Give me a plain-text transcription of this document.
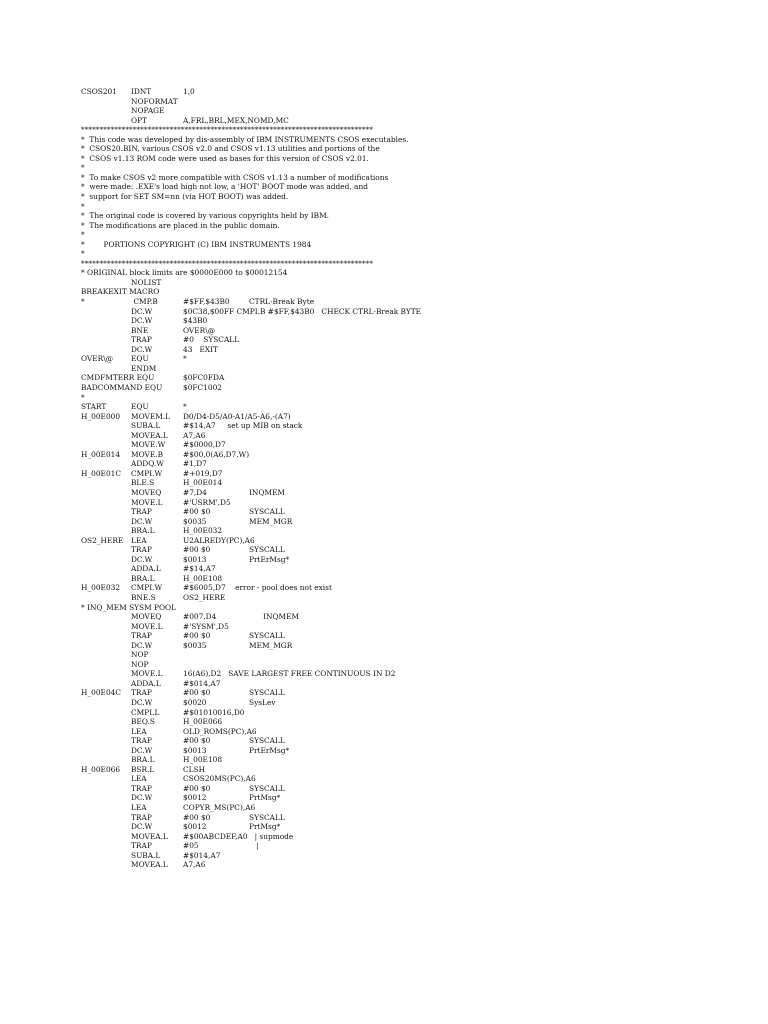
CSOS201 IDNT	1,0
NOFORMAT
NOPAGE
OPT	A,FRL,BRL,MEX,NOMD,MC
*******************************************************************************
*  This code was developed by dis-assembly of IBM INSTRUMENTS CSOS executables.
*  CSOS20.BIN, various CSOS v2.0 and CSOS v1.13 utilities and portions of the
*  CSOS v1.13 ROM code were used as bases for this version of CSOS v2.01.
*
*  To make CSOS v2 more compatible with CSOS v1.13 a number of modifications
*  were made: .EXE's load high not low, a 'HOT' BOOT mode was added, and
*  support for SET SM=nn (via HOT BOOT) was added.
*
*  The original code is covered by various copyrights held by IBM.
*  The modifications are placed in the public domain.
*
*        PORTIONS COPYRIGHT (C) IBM INSTRUMENTS 1984
*
*******************************************************************************
* ORIGINAL block limits are $0000E000 to $00012154
NOLIST
BREAKEXIT MACRO
*	CMP.B	#$FF,$43B0	CTRL-Break Byte
DC.W	$0C38,$00FF CMPI.B #$FF,$43B0   CHECK CTRL-Break BYTE
DC.W	$43B0
BNE	OVER\@
TRAP	#0    SYSCALL
DC.W	43   EXIT
OVER\@ EQU	*
ENDM
CMDFMTERR EQU	$0FC0FDA
BADCOMMAND EQU	$0FC1002
*
START	EQU	*
H_00E000 MOVEM.L D0/D4-D5/A0-A1/A5-A6,-(A7)
SUBA.L	#$14,A7     set up MIB on stack
MOVEA.L A7,A6
MOVE.W #$0000,D7
H_00E014 MOVE.B	#$00,0(A6,D7.W)
ADDQ.W	#1,D7
H_00E01C CMPI.W	#+019,D7
BLE.S	H_00E014
MOVEQ	#7,D4	INQMEM
MOVE.L	#'USRM',D5
TRAP	#00 $0	SYSCALL
DC.W	$0035	MEM_MGR
BRA.L	H_00E032
OS2_HERE LEA	U2ALREDY(PC),A6
TRAP	#00 $0	SYSCALL
DC.W	$0013	PrtErMsg*
ADDA.L	#$14,A7
BRA.L	H_00E108
H_00E032 CMPI.W	#$6005,D7    error - pool does not exist
BNE.S	OS2_HERE
* INQ_MEM SYSM POOL
MOVEQ	#007,D4	INQMEM
MOVE.L	#'SYSM',D5
TRAP	#00 $0	SYSCALL
DC.W	$0035	MEM_MGR
NOP
NOP
MOVE.L	16(A6),D2   SAVE LARGEST FREE CONTINUOUS IN D2
ADDA.L	#$014,A7
H_00E04C TRAP	#00 $0	SYSCALL
DC.W	$0020	SysLev
CMPI.L	#$01010016,D0
BEQ.S	H_00E066
LEA	OLD_ROMS(PC),A6
TRAP	#00 $0	SYSCALL
DC.W	$0013	PrtErMsg*
BRA.L	H_00E108
H_00E066 BSR.L	CLSH
LEA	CSOS20MS(PC),A6
TRAP	#00 $0	SYSCALL
DC.W	$0012	PrtMsg*
LEA	COPYR_MS(PC),A6
TRAP	#00 $0	SYSCALL
DC.W	$0012	PrtMsg*
MOVEA.L #$00ABCDEF,A0   | supmode
TRAP	#05	|
SUBA.L	#$014,A7
MOVEA.L A7,A6
